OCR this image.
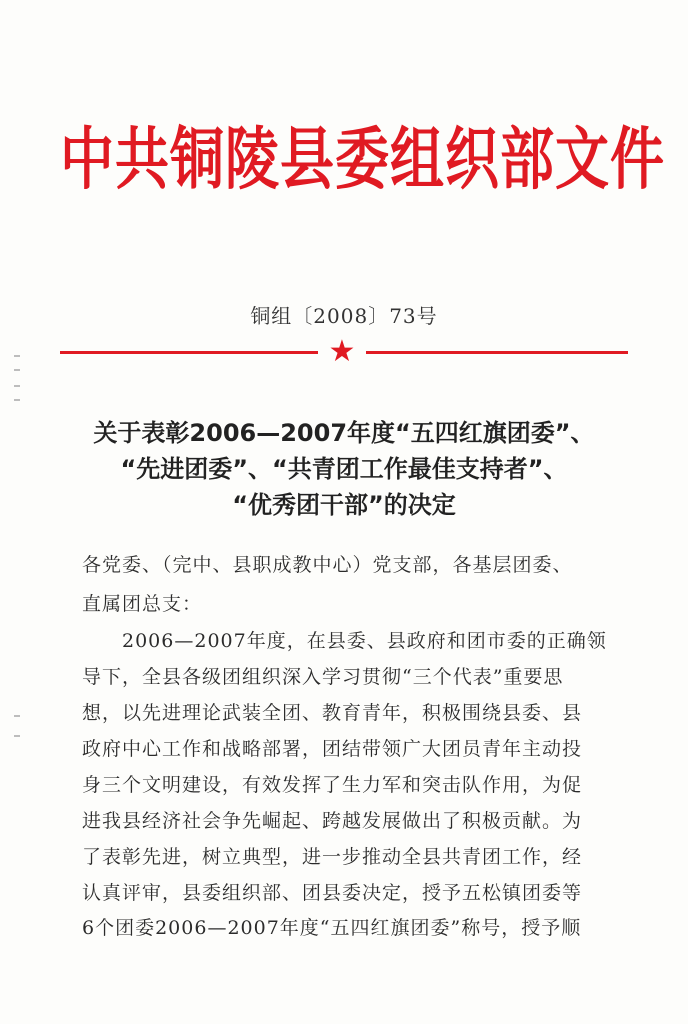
中共铜陵县委组织部文件
铜组〔2008〕73号
★
关于表彰2006—2007年度“五四红旗团委”、
“先进团委”、“共青团工作最佳支持者”、
“优秀团干部”的决定
各党委、（完中、县职成教中心）党支部，各基层团委、
直属团总支：
　　2006—2007年度，在县委、县政府和团市委的正确领
导下，全县各级团组织深入学习贯彻“三个代表”重要思
想，以先进理论武装全团、教育青年，积极围绕县委、县
政府中心工作和战略部署，团结带领广大团员青年主动投
身三个文明建设，有效发挥了生力军和突击队作用，为促
进我县经济社会争先崛起、跨越发展做出了积极贡献。为
了表彰先进，树立典型，进一步推动全县共青团工作，经
认真评审，县委组织部、团县委决定，授予五松镇团委等
6个团委2006—2007年度“五四红旗团委”称号，授予顺
